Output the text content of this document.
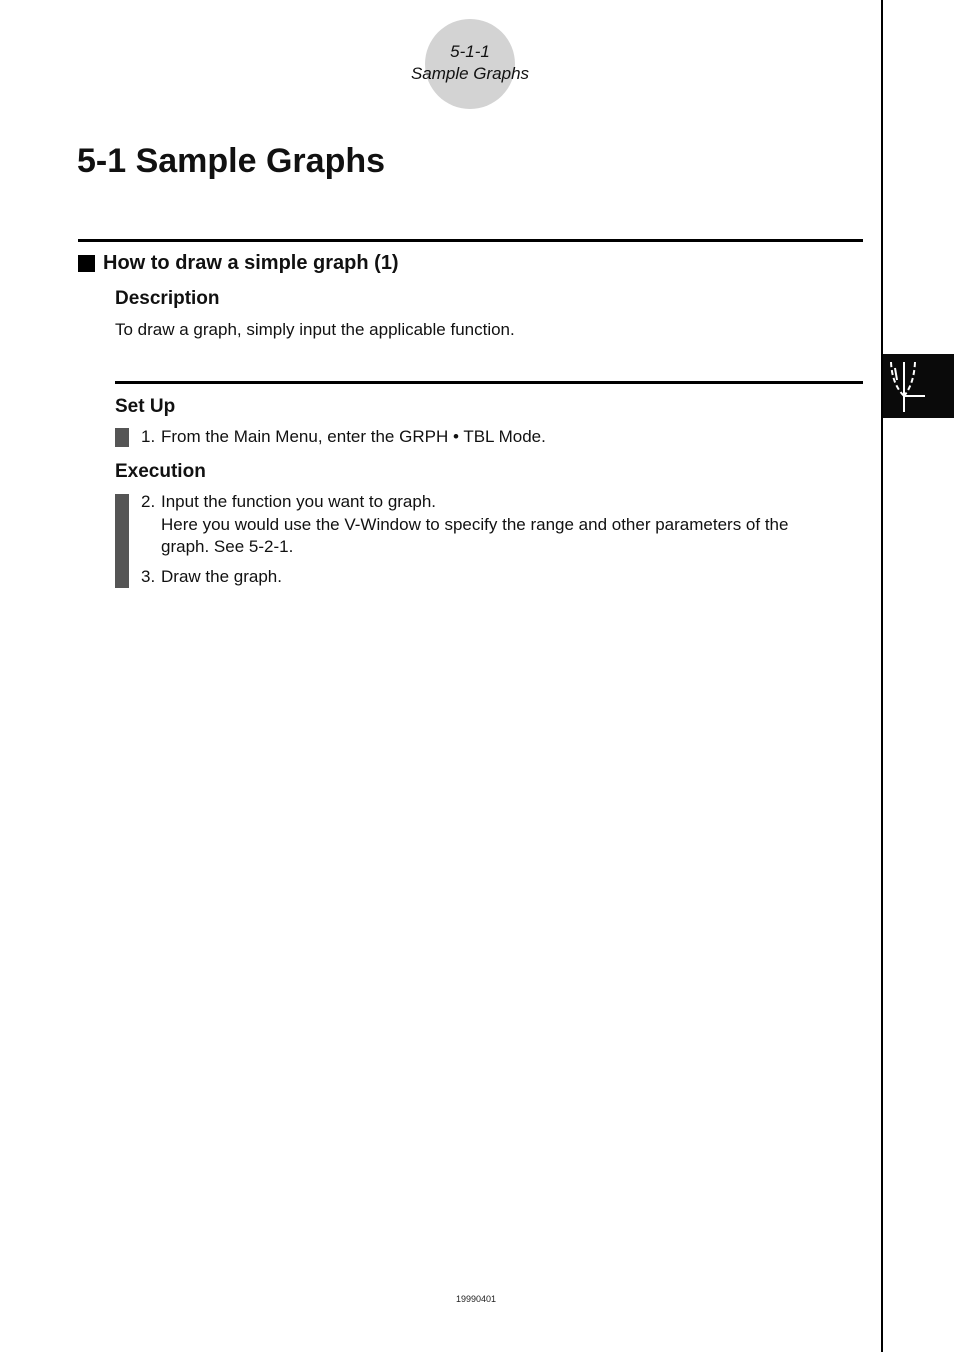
5-1-1
Sample Graphs
5-1 Sample Graphs
How to draw a simple graph (1)
Description
To draw a graph, simply input the applicable function.
Set Up
1. From the Main Menu, enter the GRPH • TBL Mode.
Execution
2. Input the function you want to graph.
Here you would use the V-Window to specify the range and other parameters of the
graph. See 5-2-1.
3. Draw the graph.
19990401
